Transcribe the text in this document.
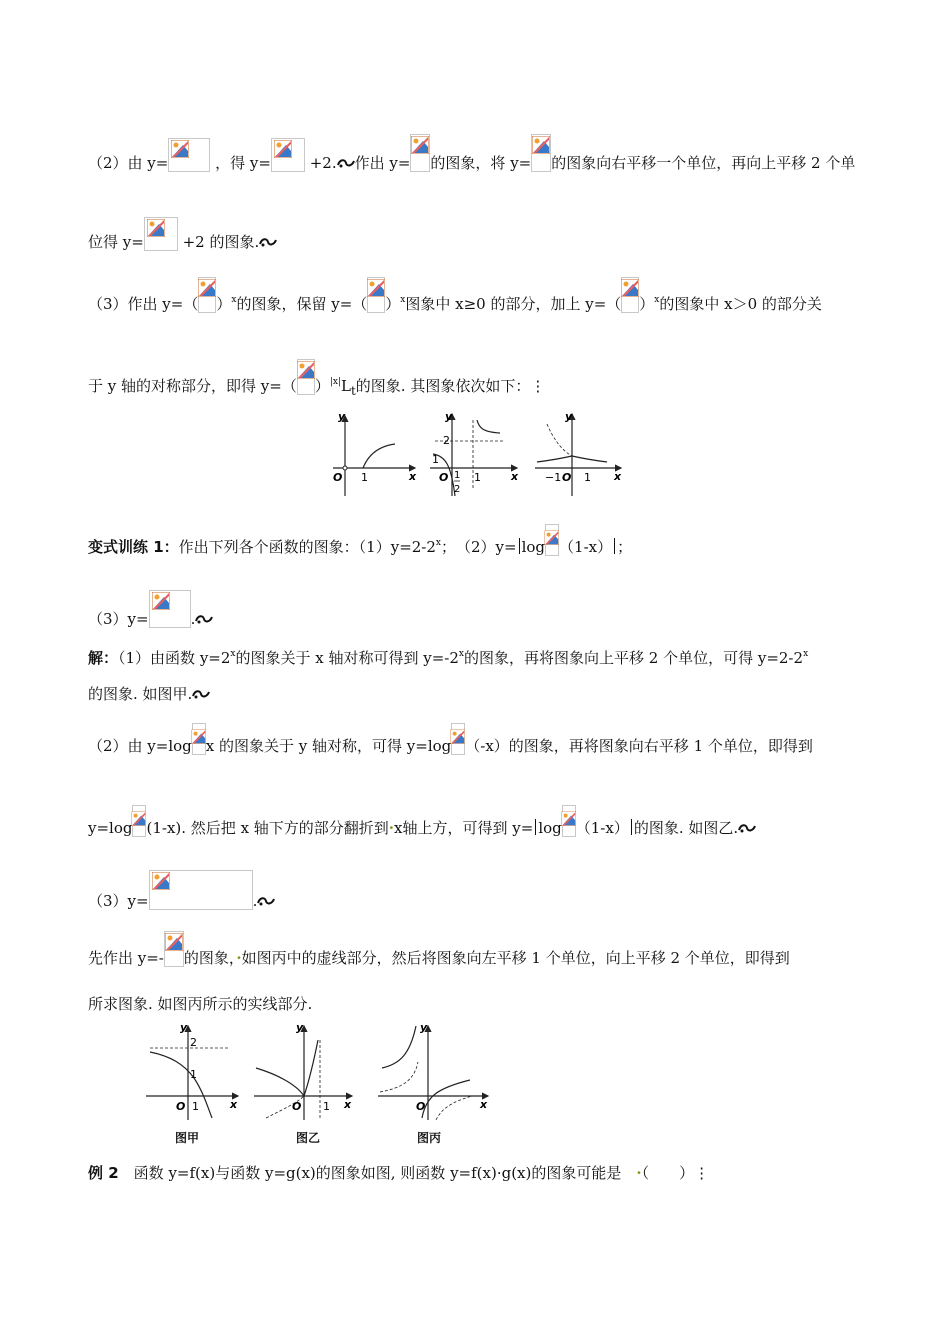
（2）由 y=	，得 y=
+2. 作出 y= 的图象，将 y= 的图象向右平移一个单位，再向上平移 2 个单
位得 y=
+2 的图象.
（3）作出 y=（ ）$^x$的图象，保留 y=（ ）$^x$图象中 x≥0 的部分，加上 y=（ ）$^x$的图象中 x＞0 的部分关
于 y 轴的对称部分，即得 y=（ ）$^{|x|}L_t$的图象. 其图象依次如下：⋮
y
x
O 1
y
x
2
1
O 1
2
1
y
x
−1 O 1
变式训练 1：作出下列各个函数的图象：$(1)y=2-2^x$；　（2）y= log （1-x） ；
（3）y=	.
解：（1）由函数 $y=2^x$的图象关于 x 轴对称可得到 $y=-2^x$的图象，再将图象向上平移 2 个单位，可得 $y=2-2^x$
的图象. 如图甲.
（2）由 y=log x 的图象关于 y 轴对称，可得 y=log （-x）的图象，再将图象向右平移 1 个单位，即得到
y=log (1-x). 然后把 x 轴下方的部分翻折到·x轴上方，可得到 y= log （1-x） 的图象. 如图乙.
（3）y=	.
先作出 y=- 的图象，·如图丙中的虚线部分，然后将图象向左平移 1 个单位，向上平移 2 个单位，即得到
所求图象. 如图丙所示的实线部分.
y
x
2
1
O 1
y
x
O 1
y
x
O
图甲	图乙	图丙
例 2　函数 y=f(x)与函数 y=g(x)的图象如图, 则函数 y=f(x)·g(x)的图象可能是　 ·（　　）⋮
